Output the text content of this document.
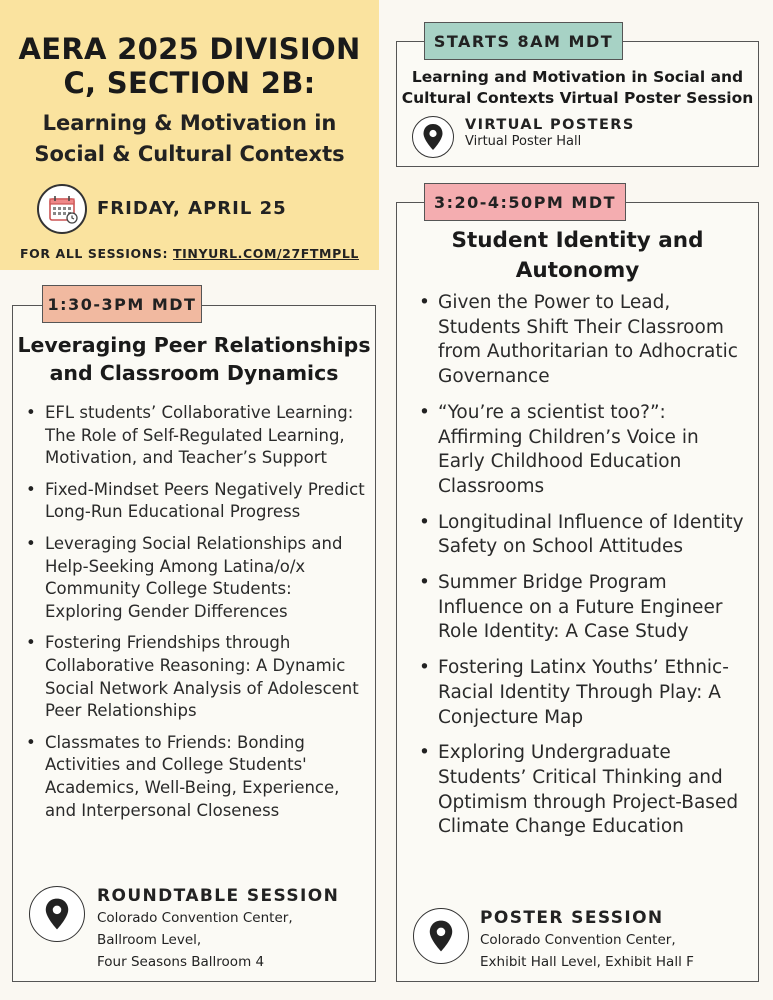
AERA 2025 DIVISION
C, SECTION 2B:
Learning & Motivation in
Social & Cultural Contexts
FRIDAY, APRIL 25
FOR ALL SESSIONS: TINYURL.COM/27FTMPLL
STARTS 8AM MDT
Learning and Motivation in Social and
Cultural Contexts Virtual Poster Session
VIRTUAL POSTERS
Virtual Poster Hall
1:30-3PM MDT
Leveraging Peer Relationships
and Classroom Dynamics
• EFL students’ Collaborative Learning: The Role of Self-Regulated Learning, Motivation, and Teacher’s Support
• Fixed-Mindset Peers Negatively Predict Long-Run Educational Progress
• Leveraging Social Relationships and Help-Seeking Among Latina/o/x Community College Students: Exploring Gender Differences
• Fostering Friendships through Collaborative Reasoning: A Dynamic Social Network Analysis of Adolescent Peer Relationships
• Classmates to Friends: Bonding Activities and College Students' Academics, Well-Being, Experience, and Interpersonal Closeness
ROUNDTABLE SESSION
Colorado Convention Center,
Ballroom Level,
Four Seasons Ballroom 4
3:20-4:50PM MDT
Student Identity and
Autonomy
• Given the Power to Lead, Students Shift Their Classroom from Authoritarian to Adhocratic Governance
• “You’re a scientist too?”: Affirming Children’s Voice in Early Childhood Education Classrooms
• Longitudinal Influence of Identity Safety on School Attitudes
• Summer Bridge Program Influence on a Future Engineer Role Identity: A Case Study
• Fostering Latinx Youths’ Ethnic-Racial Identity Through Play: A Conjecture Map
• Exploring Undergraduate Students’ Critical Thinking and Optimism through Project-Based Climate Change Education
POSTER SESSION
Colorado Convention Center,
Exhibit Hall Level, Exhibit Hall F
